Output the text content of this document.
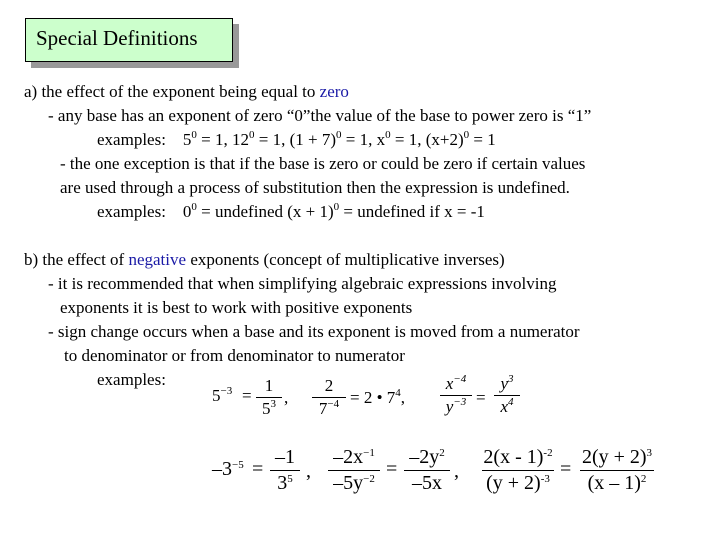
Special Definitions
a) the effect of the exponent being equal to zero
- any base has an exponent of zero “0”the value of the base to power zero is “1”
examples: $5^0 = 1$, $12^0 = 1$, $(1 + 7)^0 = 1$, $x^0 = 1$, $(x+2)^0 = 1$
- the one exception is that if the base is zero or could be zero if certain values
are used through a process of substitution then the expression is undefined.
examples: $0^0$ = undefined $(x + 1)^0$ = undefined if x = -1
b) the effect of negative exponents (concept of multiplicative inverses)
- it is recommended that when simplifying algebraic expressions involving
exponents it is best to work with positive exponents
- sign change occurs when a base and its exponent is moved from a numerator
to denominator or from denominator to numerator
examples:
$5^{-3}$ =
1
$5^3$ ,
2
$7^{-4} = 2$ • $7^4$,
$x^{-4}$
$y^{-3}$ =
$y^3$
$x^4$
$-3^{-5}$ =
–1
$3^5$ ,
$-2x^{-1}$
$-5y^{-2}$ =
$-2y^2$
–5x
,
2(x - 1)$^{-2}$
$(y + 2)^{-3}$ =
$2(y + 2)^3$
(x – 1)$^2$
